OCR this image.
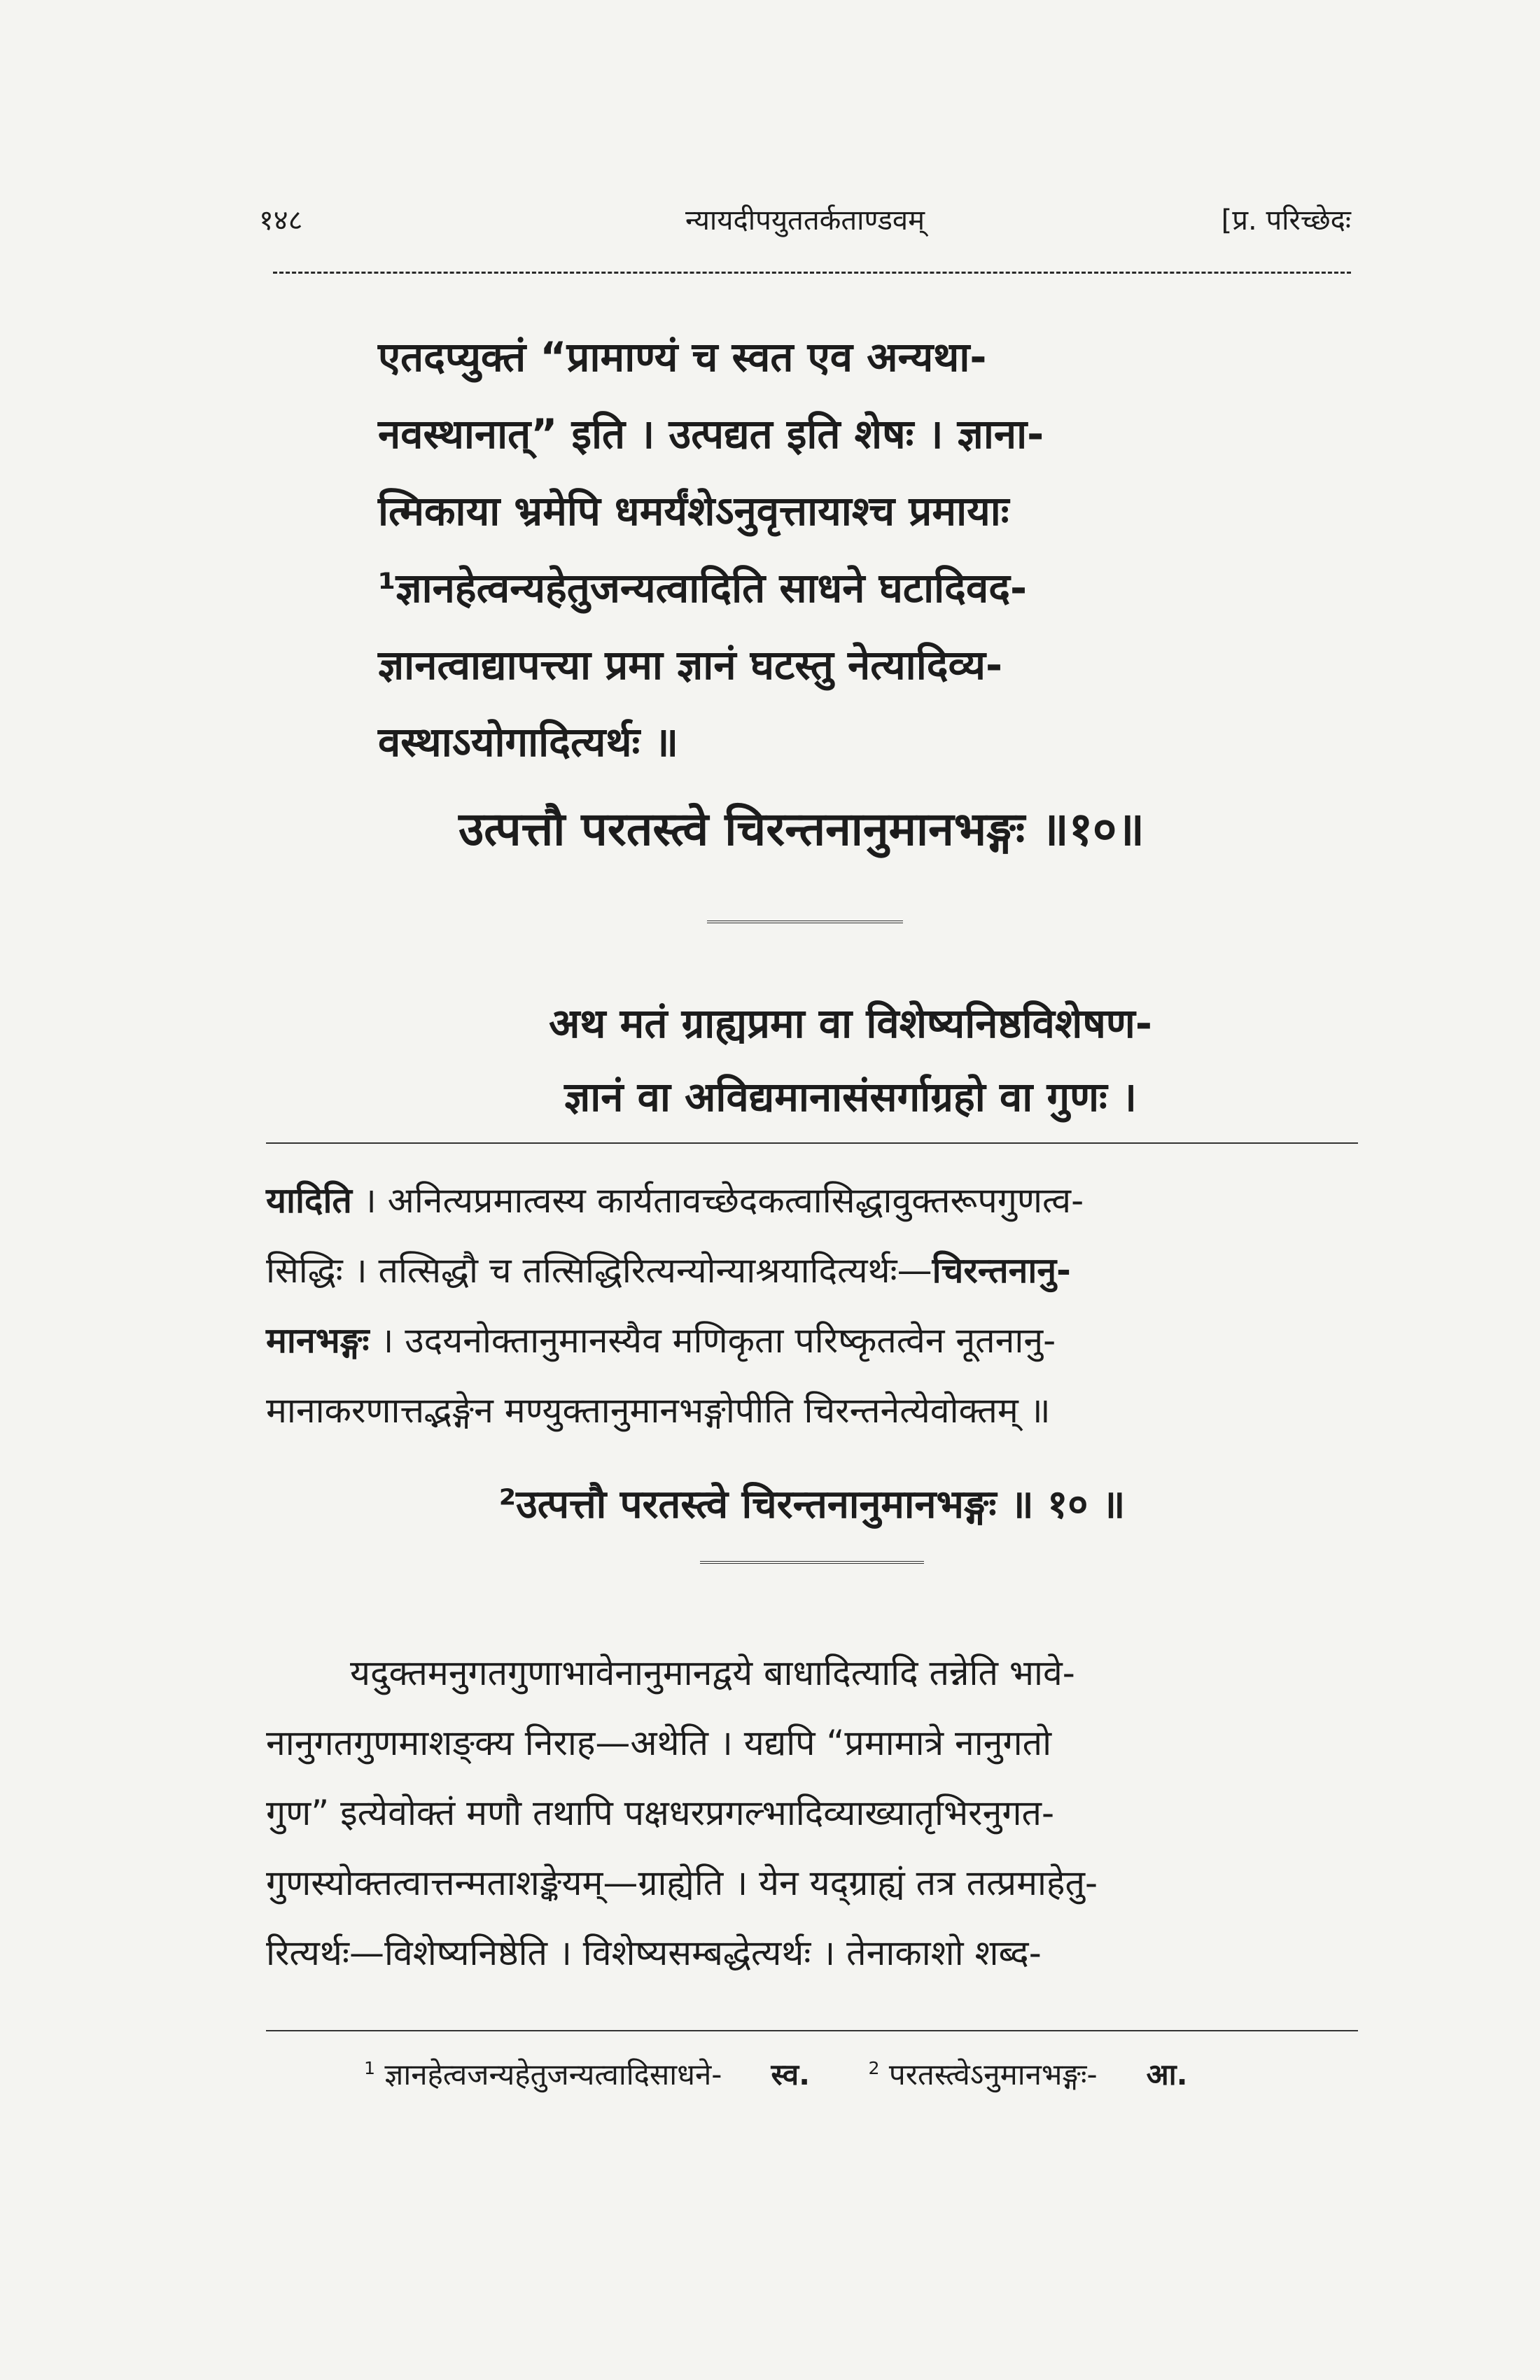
१४८	न्यायदीपयुततर्कताण्डवम्	[प्र. परिच्छेदः

एतदप्युक्तं “प्रामाण्यं च स्वत एव अन्यथा-

नवस्थानात्” इति । उत्पद्यत इति शेषः । ज्ञाना-

त्मिकाया भ्रमेपि धमर्यंशेऽनुवृत्तायाश्च प्रमायाः

¹ज्ञानहेत्वन्यहेतुजन्यत्वादिति साधने घटादिवद-

ज्ञानत्वाद्यापत्त्या प्रमा ज्ञानं घटस्तु नेत्यादिव्य-

वस्थाऽयोगादित्यर्थः ॥

उत्पत्तौ परतस्त्वे चिरन्तनानुमानभङ्गः ॥१०॥

अथ मतं ग्राह्यप्रमा वा विशेष्यनिष्ठविशेषण-

ज्ञानं वा अविद्यमानासंसर्गाग्रहो वा गुणः ।

यादिति । अनित्यप्रमात्वस्य कार्यतावच्छेदकत्वासिद्धावुक्तरूपगुणत्व-

सिद्धिः । तत्सिद्धौ च तत्सिद्धिरित्यन्योन्याश्रयादित्यर्थः—चिरन्तनानु-

मानभङ्गः । उदयनोक्तानुमानस्यैव मणिकृता परिष्कृतत्वेन नूतनानु-

मानाकरणात्तद्भङ्गेन मण्युक्तानुमानभङ्गोपीति चिरन्तनेत्येवोक्तम् ॥

²उत्पत्तौ परतस्त्वे चिरन्तनानुमानभङ्गः ॥ १० ॥

यदुक्तमनुगतगुणाभावेनानुमानद्वये बाधादित्यादि तन्नेति भावे-

नानुगतगुणमाशङ्क्य निराह—अथेति । यद्यपि “प्रमामात्रे नानुगतो

गुण” इत्येवोक्तं मणौ तथापि पक्षधरप्रगल्भादिव्याख्यातृभिरनुगत-

गुणस्योक्तत्वात्तन्मताशङ्केयम्—ग्राह्येति । येन यद्ग्राह्यं तत्र तत्प्रमाहेतु-

रित्यर्थः—विशेष्यनिष्ठेति । विशेष्यसम्बद्धेत्यर्थः । तेनाकाशो शब्द-

$^1$ ज्ञानहेत्वजन्यहेतुजन्यत्वादिसाधने- स्व.	$^2$ परतस्त्वेऽनुमानभङ्गः- आ.
